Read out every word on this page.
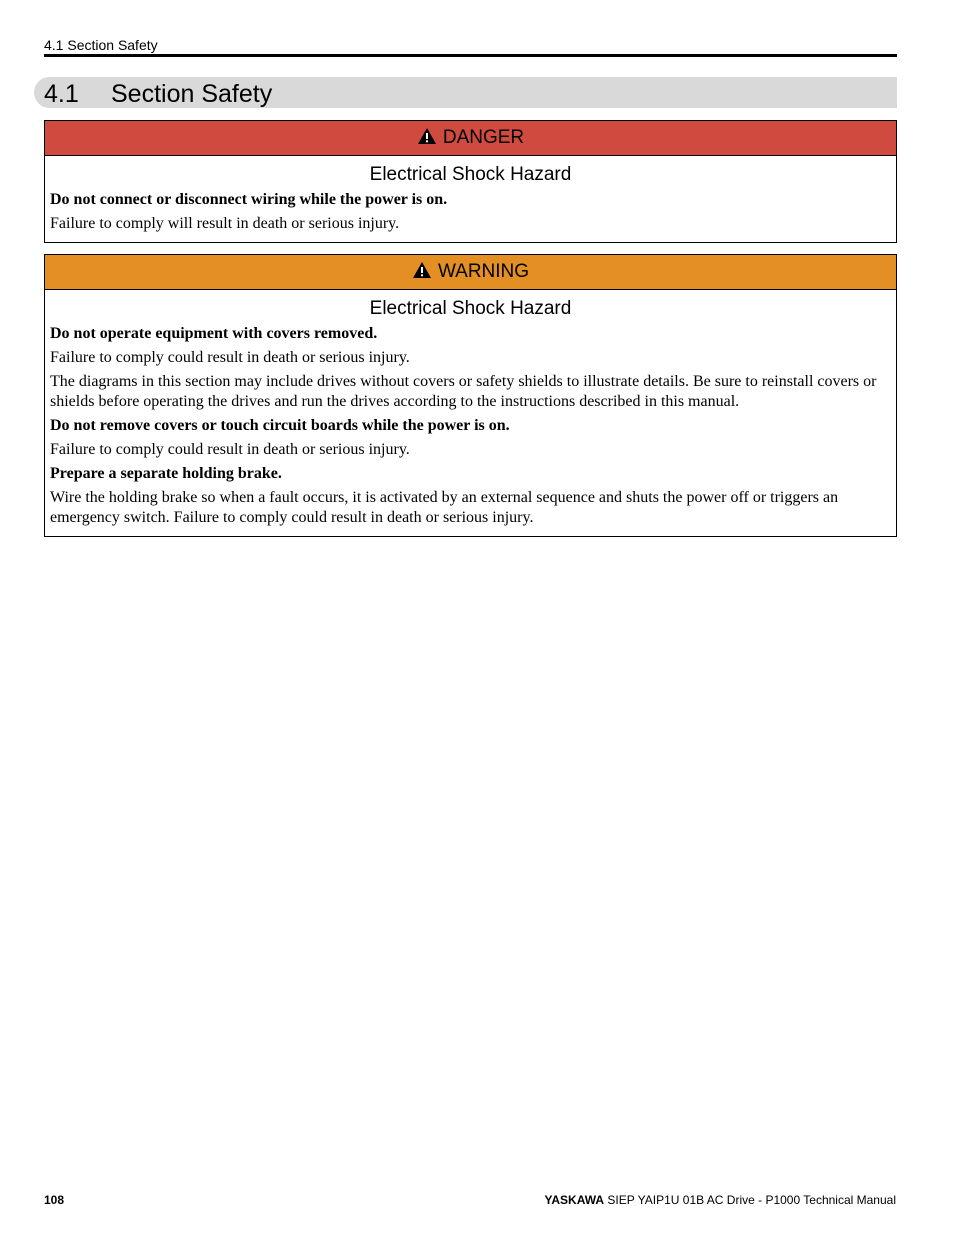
4.1 Section Safety
4.1 Section Safety
DANGER
Electrical Shock Hazard

Do not connect or disconnect wiring while the power is on.

Failure to comply will result in death or serious injury.

WARNING
Electrical Shock Hazard

Do not operate equipment with covers removed.

Failure to comply could result in death or serious injury.

The diagrams in this section may include drives without covers or safety shields to illustrate details. Be sure to reinstall covers or shields before operating the drives and run the drives according to the instructions described in this manual.

Do not remove covers or touch circuit boards while the power is on.

Failure to comply could result in death or serious injury.

Prepare a separate holding brake.

Wire the holding brake so when a fault occurs, it is activated by an external sequence and shuts the power off or triggers an emergency switch. Failure to comply could result in death or serious injury.

108	YASKAWA SIEP YAIP1U 01B AC Drive - P1000 Technical Manual
